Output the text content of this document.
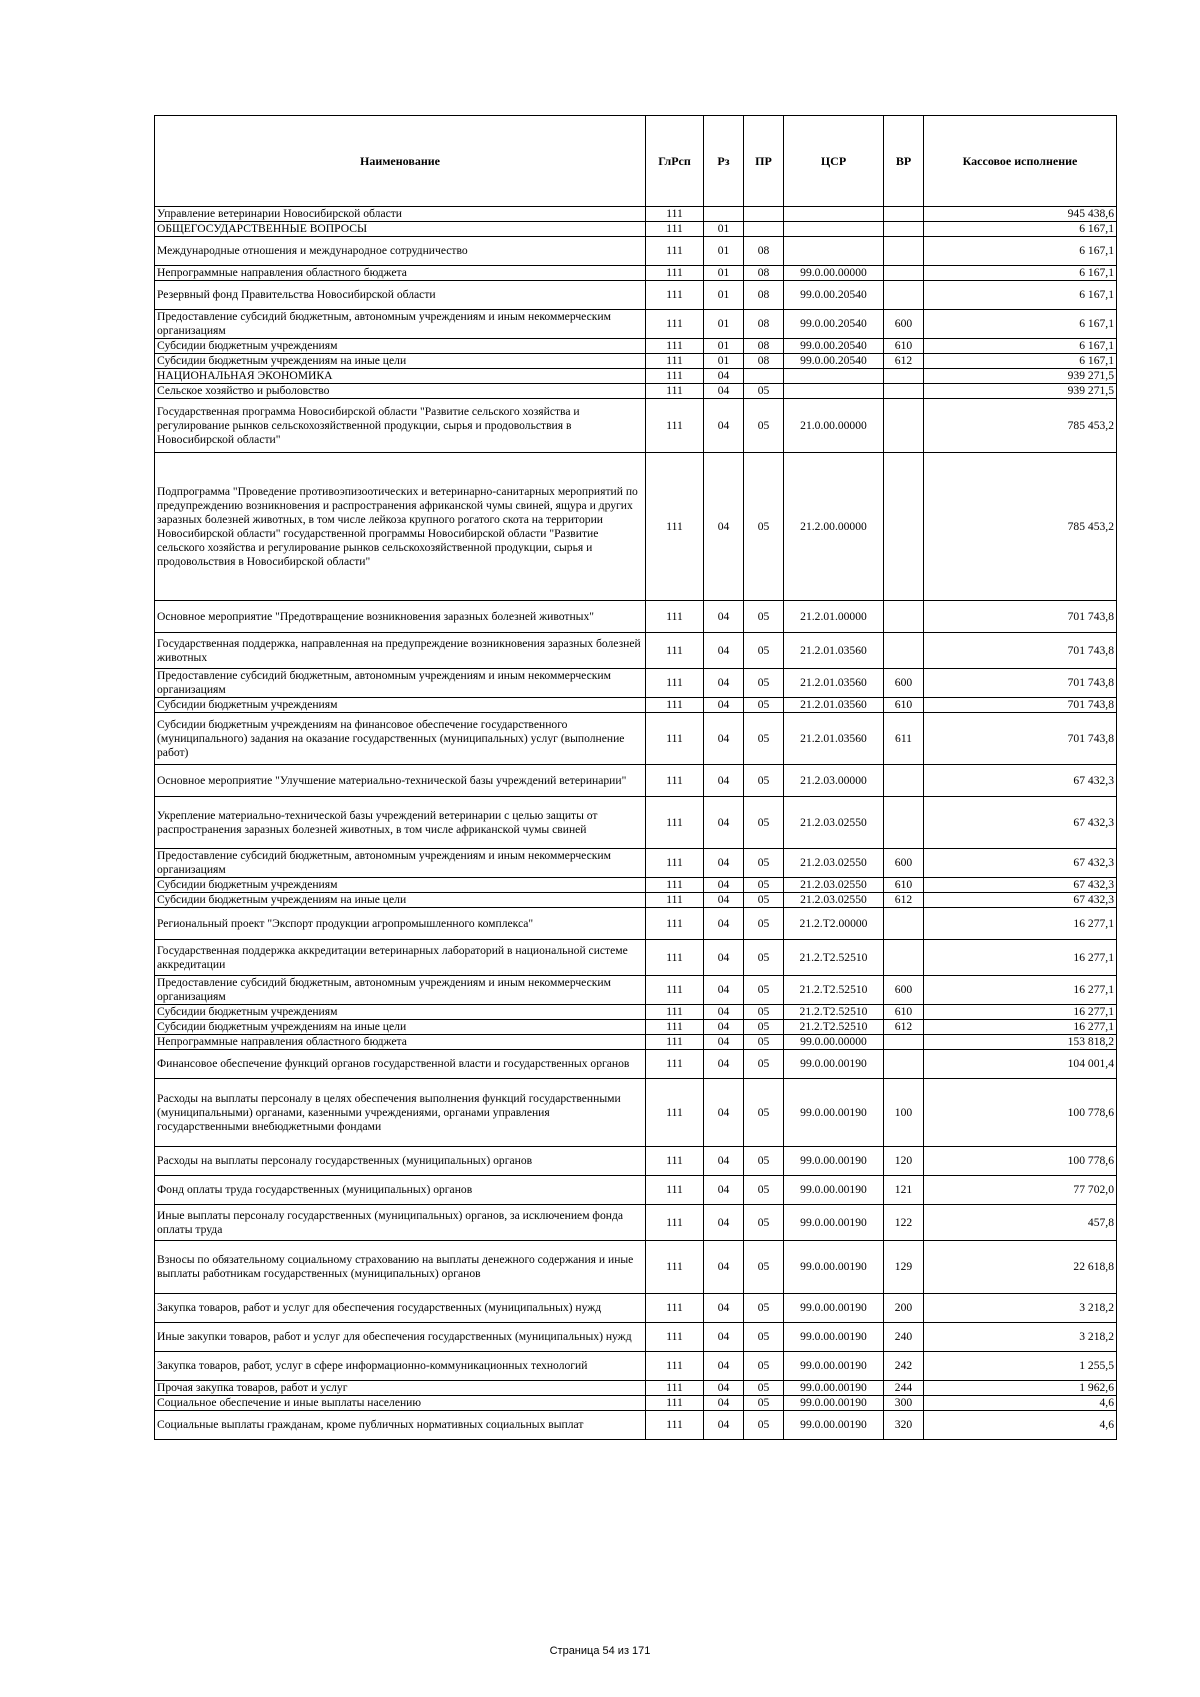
Наименование	ГлРсп	Рз	ПР	ЦСР	ВР	Кассовое исполнение
Управление ветеринарии Новосибирской области	111					945 438,6
ОБЩЕГОСУДАРСТВЕННЫЕ ВОПРОСЫ	111	01				6 167,1
Международные отношения и международное сотрудничество	111	01	08			6 167,1
Непрограммные направления областного бюджета	111	01	08	99.0.00.00000		6 167,1
Резервный фонд Правительства Новосибирской области	111	01	08	99.0.00.20540		6 167,1
Предоставление субсидий бюджетным, автономным учреждениям и иным некоммерческим организациям	111	01	08	99.0.00.20540	600	6 167,1
Субсидии бюджетным учреждениям	111	01	08	99.0.00.20540	610	6 167,1
Субсидии бюджетным учреждениям на иные цели	111	01	08	99.0.00.20540	612	6 167,1
НАЦИОНАЛЬНАЯ ЭКОНОМИКА	111	04				939 271,5
Сельское хозяйство и рыболовство	111	04	05			939 271,5
Государственная программа Новосибирской области "Развитие сельского хозяйства и регулирование рынков сельскохозяйственной продукции, сырья и продовольствия в Новосибирской области"	111	04	05	21.0.00.00000		785 453,2
Подпрограмма "Проведение противоэпизоотических и ветеринарно-санитарных мероприятий по предупреждению возникновения и распространения африканской чумы свиней, ящура и других заразных болезней животных, в том числе лейкоза крупного рогатого скота на территории Новосибирской области" государственной программы Новосибирской области "Развитие сельского хозяйства и регулирование рынков сельскохозяйственной продукции, сырья и продовольствия в Новосибирской области"	111	04	05	21.2.00.00000		785 453,2
Основное мероприятие "Предотвращение возникновения заразных болезней животных"	111	04	05	21.2.01.00000		701 743,8
Государственная поддержка, направленная на предупреждение возникновения заразных болезней животных	111	04	05	21.2.01.03560		701 743,8
Предоставление субсидий бюджетным, автономным учреждениям и иным некоммерческим организациям	111	04	05	21.2.01.03560	600	701 743,8
Субсидии бюджетным учреждениям	111	04	05	21.2.01.03560	610	701 743,8
Субсидии бюджетным учреждениям на финансовое обеспечение государственного (муниципального) задания на оказание государственных (муниципальных) услуг (выполнение работ)	111	04	05	21.2.01.03560	611	701 743,8
Основное мероприятие "Улучшение материально-технической базы учреждений ветеринарии"	111	04	05	21.2.03.00000		67 432,3
Укрепление материально-технической базы учреждений ветеринарии с целью защиты от распространения заразных болезней животных, в том числе африканской чумы свиней	111	04	05	21.2.03.02550		67 432,3
Предоставление субсидий бюджетным, автономным учреждениям и иным некоммерческим организациям	111	04	05	21.2.03.02550	600	67 432,3
Субсидии бюджетным учреждениям	111	04	05	21.2.03.02550	610	67 432,3
Субсидии бюджетным учреждениям на иные цели	111	04	05	21.2.03.02550	612	67 432,3
Региональный проект "Экспорт продукции агропромышленного комплекса"	111	04	05	21.2.T2.00000		16 277,1
Государственная поддержка аккредитации ветеринарных лабораторий в национальной системе аккредитации	111	04	05	21.2.T2.52510		16 277,1
Предоставление субсидий бюджетным, автономным учреждениям и иным некоммерческим организациям	111	04	05	21.2.T2.52510	600	16 277,1
Субсидии бюджетным учреждениям	111	04	05	21.2.T2.52510	610	16 277,1
Субсидии бюджетным учреждениям на иные цели	111	04	05	21.2.T2.52510	612	16 277,1
Непрограммные направления областного бюджета	111	04	05	99.0.00.00000		153 818,2
Финансовое обеспечение функций органов государственной власти и государственных органов	111	04	05	99.0.00.00190		104 001,4
Расходы на выплаты персоналу в целях обеспечения выполнения функций государственными (муниципальными) органами, казенными учреждениями, органами управления государственными внебюджетными фондами	111	04	05	99.0.00.00190	100	100 778,6
Расходы на выплаты персоналу государственных (муниципальных) органов	111	04	05	99.0.00.00190	120	100 778,6
Фонд оплаты труда государственных (муниципальных) органов	111	04	05	99.0.00.00190	121	77 702,0
Иные выплаты персоналу государственных (муниципальных) органов, за исключением фонда оплаты труда	111	04	05	99.0.00.00190	122	457,8
Взносы по обязательному социальному страхованию на выплаты денежного содержания и иные выплаты работникам государственных (муниципальных) органов	111	04	05	99.0.00.00190	129	22 618,8
Закупка товаров, работ и услуг для обеспечения государственных (муниципальных) нужд	111	04	05	99.0.00.00190	200	3 218,2
Иные закупки товаров, работ и услуг для обеспечения государственных (муниципальных) нужд	111	04	05	99.0.00.00190	240	3 218,2
Закупка товаров, работ, услуг в сфере информационно-коммуникационных технологий	111	04	05	99.0.00.00190	242	1 255,5
Прочая закупка товаров, работ и услуг	111	04	05	99.0.00.00190	244	1 962,6
Социальное обеспечение и иные выплаты населению	111	04	05	99.0.00.00190	300	4,6
Социальные выплаты гражданам, кроме публичных нормативных социальных выплат	111	04	05	99.0.00.00190	320	4,6
Страница 54 из 171
